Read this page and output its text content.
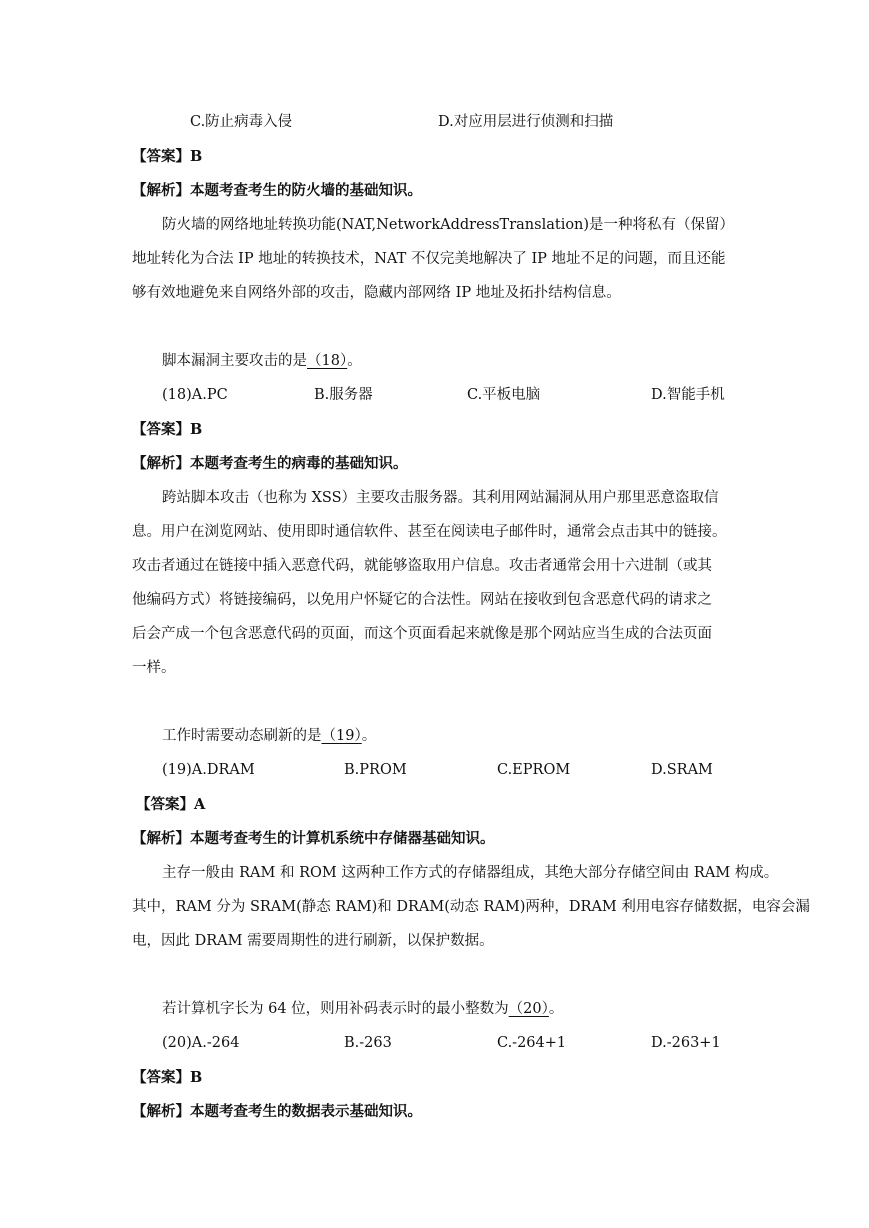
C.防止病毒入侵	D.对应用层进行侦测和扫描
【答案】B
【解析】本题考查考生的防火墙的基础知识。
防火墙的网络地址转换功能(NAT,NetworkAddressTranslation)是一种将私有（保留）
地址转化为合法 IP 地址的转换技术，NAT 不仅完美地解决了 IP 地址不足的问题，而且还能
够有效地避免来自网络外部的攻击，隐藏内部网络 IP 地址及拓扑结构信息。
脚本漏洞主要攻击的是（18）。
(18)A.PC	B.服务器	C.平板电脑	D.智能手机
【答案】B
【解析】本题考查考生的病毒的基础知识。
跨站脚本攻击（也称为 XSS）主要攻击服务器。其利用网站漏洞从用户那里恶意盗取信
息。用户在浏览网站、使用即时通信软件、甚至在阅读电子邮件时，通常会点击其中的链接。
攻击者通过在链接中插入恶意代码，就能够盗取用户信息。攻击者通常会用十六进制（或其
他编码方式）将链接编码，以免用户怀疑它的合法性。网站在接收到包含恶意代码的请求之
后会产成一个包含恶意代码的页面，而这个页面看起来就像是那个网站应当生成的合法页面
一样。
工作时需要动态刷新的是（19）。
(19)A.DRAM	B.PROM	C.EPROM	D.SRAM
【答案】A
【解析】本题考查考生的计算机系统中存储器基础知识。
主存一般由 RAM 和 ROM 这两种工作方式的存储器组成，其绝大部分存储空间由 RAM 构成。
其中，RAM 分为 SRAM(静态 RAM)和 DRAM(动态 RAM)两种，DRAM 利用电容存储数据，电容会漏
电，因此 DRAM 需要周期性的进行刷新，以保护数据。
若计算机字长为 64 位，则用补码表示时的最小整数为（20）。
(20)A.-264	B.-263	C.-264+1	D.-263+1
【答案】B
【解析】本题考查考生的数据表示基础知识。
